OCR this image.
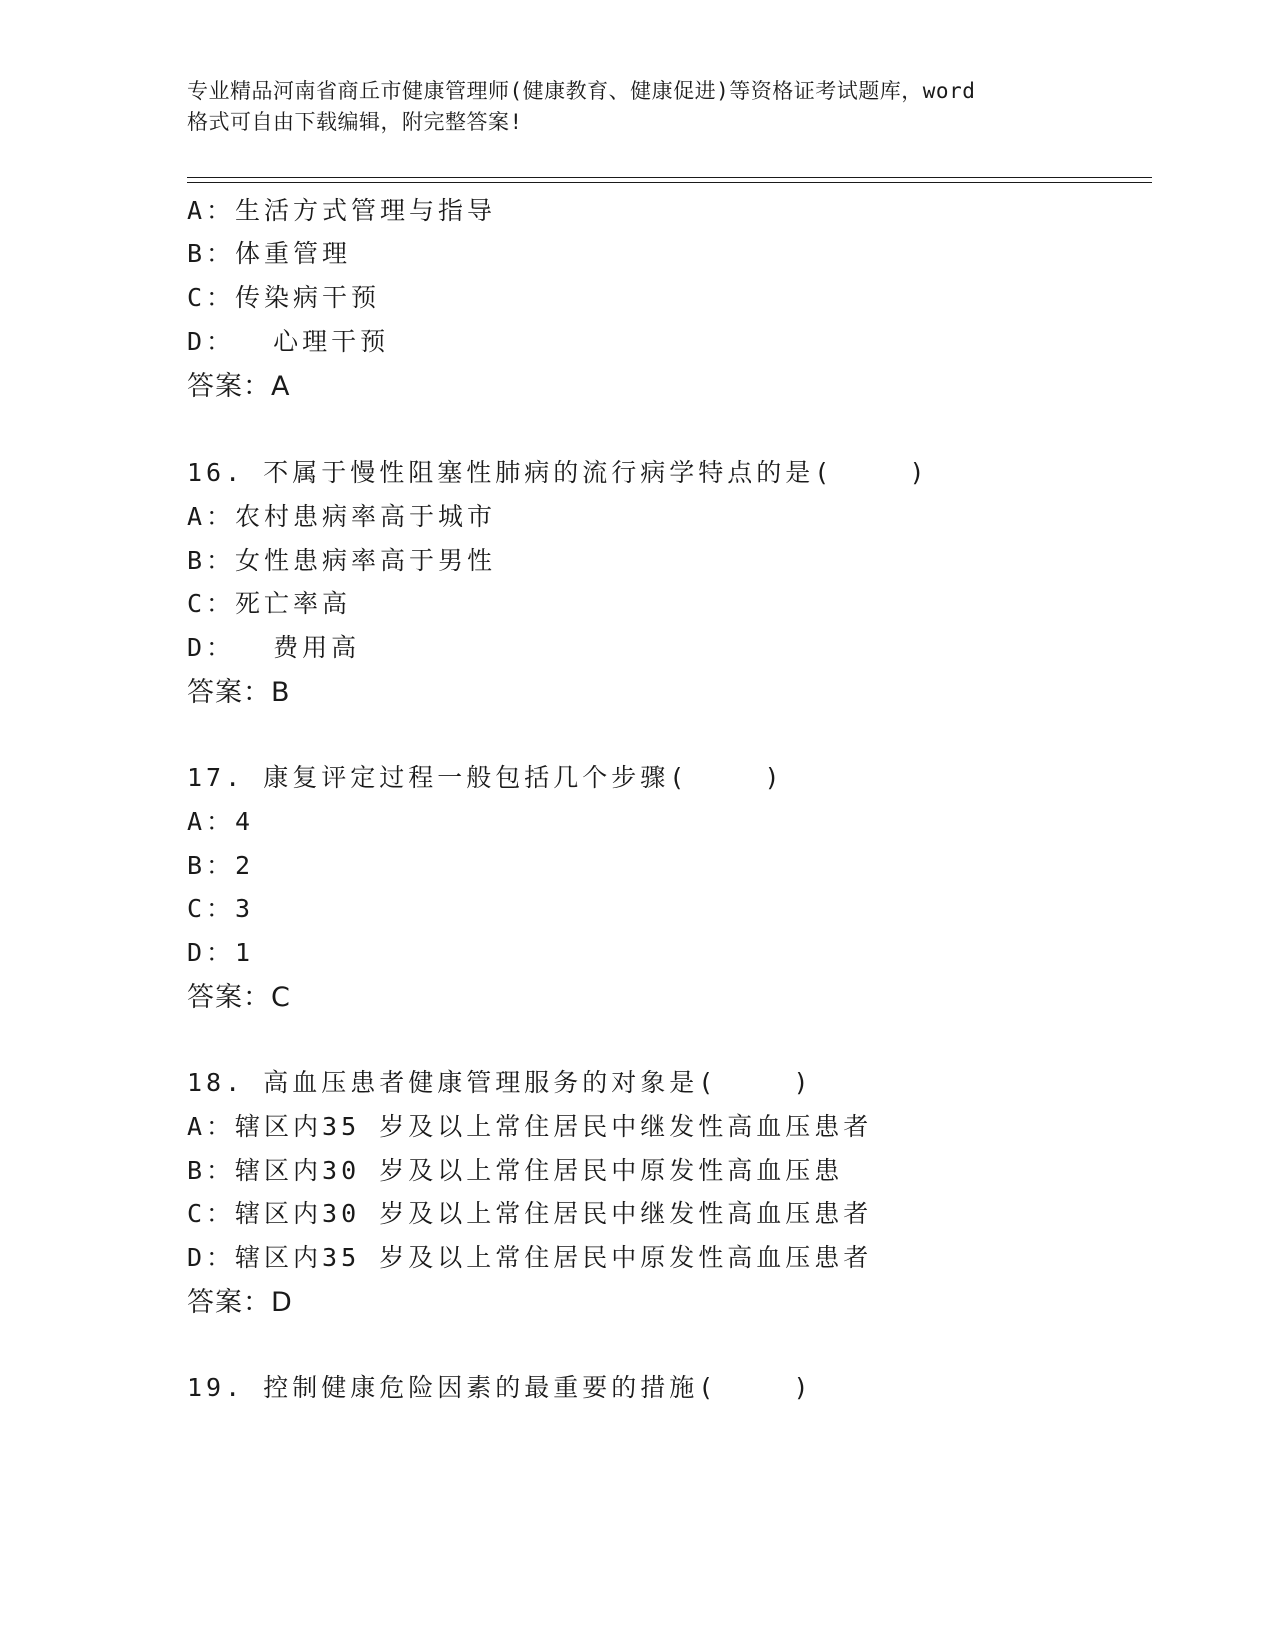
专业精品河南省商丘市健康管理师(健康教育、健康促进)等资格证考试题库，word
格式可自由下载编辑，附完整答案!
A：生活方式管理与指导
B：体重管理
C：传染病干预
D：  心理干预
答案：A
16. 不属于慢性阻塞性肺病的流行病学特点的是(    )
A：农村患病率高于城市
B：女性患病率高于男性
C：死亡率高
D：  费用高
答案：B
17. 康复评定过程一般包括几个步骤(    )
A：4
B：2
C：3
D：1
答案：C
18. 高血压患者健康管理服务的对象是(    )
A：辖区内35 岁及以上常住居民中继发性高血压患者
B：辖区内30 岁及以上常住居民中原发性高血压患
C：辖区内30 岁及以上常住居民中继发性高血压患者
D：辖区内35 岁及以上常住居民中原发性高血压患者
答案：D
19. 控制健康危险因素的最重要的措施(    )
